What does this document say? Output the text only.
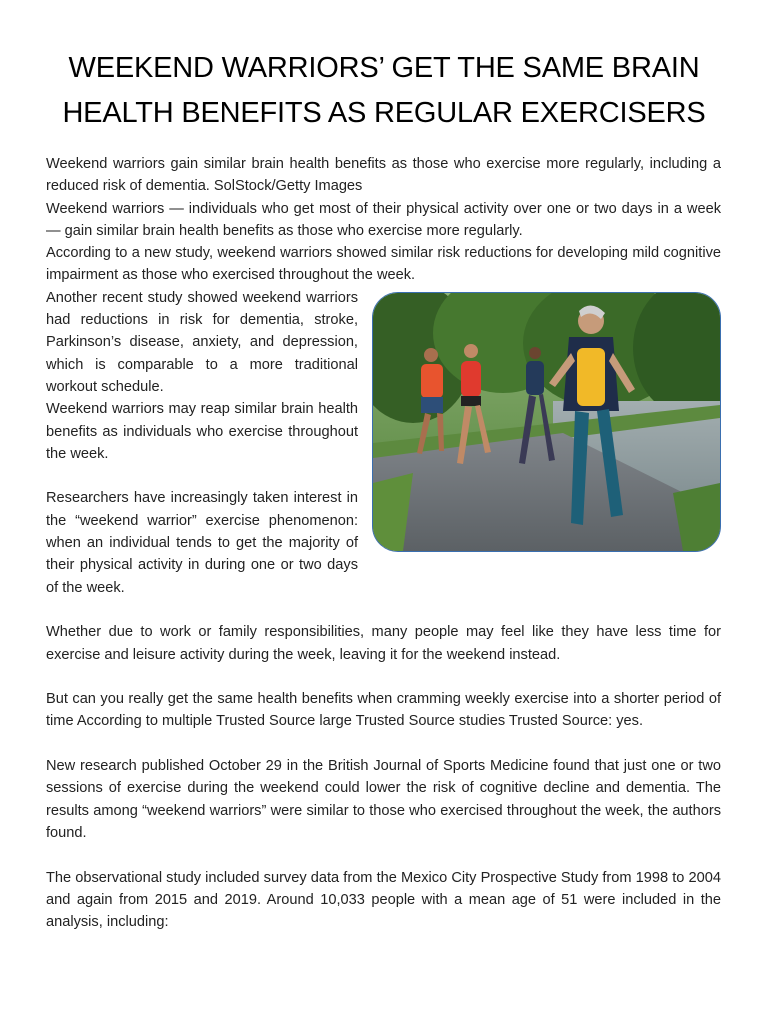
WEEKEND WARRIORS’ GET THE SAME BRAIN
HEALTH BENEFITS AS REGULAR EXERCISERS

Weekend warriors gain similar brain health benefits as those who exercise more regularly, including a reduced risk of dementia. SolStock/Getty Images

Weekend warriors — individuals who get most of their physical activity over one or two days in a week — gain similar brain health benefits as those who exercise more regularly.

According to a new study, weekend warriors showed similar risk reductions for developing mild cognitive impairment as those who exercised throughout the week.

Another recent study showed weekend warriors had reductions in risk for dementia, stroke, Parkinson’s disease, anxiety, and depression, which is comparable to a more traditional workout schedule.

Weekend warriors may reap similar brain health benefits as individuals who exercise throughout the week.

Researchers have increasingly taken interest in the “weekend warrior” exercise phenomenon: when an individual tends to get the majority of their physical activity in during one or two days of the week.

Whether due to work or family responsibilities, many people may feel like they have less time for exercise and leisure activity during the week, leaving it for the weekend instead.

But can you really get the same health benefits when cramming weekly exercise into a shorter period of time According to multiple Trusted Source large Trusted Source studies Trusted Source: yes.

New research published October 29 in the British Journal of Sports Medicine found that just one or two sessions of exercise during the weekend could lower the risk of cognitive decline and dementia. The results among “weekend warriors” were similar to those who exercised throughout the week, the authors found.

The observational study included survey data from the Mexico City Prospective Study from 1998 to 2004 and again from 2015 and 2019. Around 10,033 people with a mean age of 51 were included in the analysis, including:
